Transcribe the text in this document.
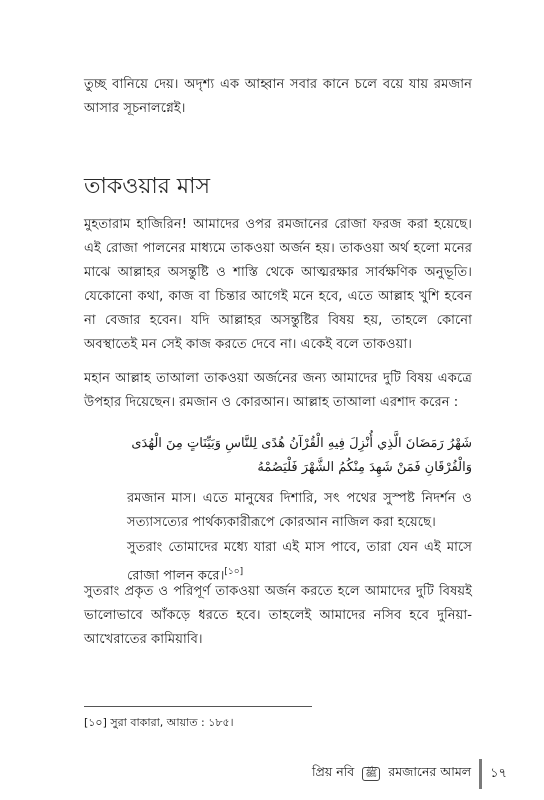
তুচ্ছ বানিয়ে দেয়। অদৃশ্য এক আহ্বান সবার কানে চলে বয়ে যায় রমজান আসার সূচনালগ্নেই।

তাকওয়ার মাস

মুহতারাম হাজিরিন! আমাদের ওপর রমজানের রোজা ফরজ করা হয়েছে। এই রোজা পালনের মাধ্যমে তাকওয়া অর্জন হয়। তাকওয়া অর্থ হলো মনের মাঝে আল্লাহর অসন্তুষ্টি ও শাস্তি থেকে আত্মরক্ষার সার্বক্ষণিক অনুভূতি। যেকোনো কথা, কাজ বা চিন্তার আগেই মনে হবে, এতে আল্লাহ খুশি হবেন না বেজার হবেন। যদি আল্লাহর অসন্তুষ্টির বিষয় হয়, তাহলে কোনো অবস্থাতেই মন সেই কাজ করতে দেবে না। একেই বলে তাকওয়া।

মহান আল্লাহ তাআলা তাকওয়া অর্জনের জন্য আমাদের দুটি বিষয় একত্রে উপহার দিয়েছেন। রমজান ও কোরআন। আল্লাহ তাআলা এরশাদ করেন :

شَهْرُ رَمَضَانَ الَّذِي أُنْزِلَ فِيهِ الْقُرْآنُ هُدًى لِلنَّاسِ وَبَيِّنَاتٍ مِنَ الْهُدَى وَالْفُرْقَانِ فَمَنْ شَهِدَ مِنْكُمُ الشَّهْرَ فَلْيَصُمْهُ

রমজান মাস। এতে মানুষের দিশারি, সৎ পথের সুস্পষ্ট নিদর্শন ও সত্যাসত্যের পার্থক্যকারীরূপে কোরআন নাজিল করা হয়েছে।

সুতরাং তোমাদের মধ্যে যারা এই মাস পাবে, তারা যেন এই মাসে রোজা পালন করে।[১০]

সুতরাং প্রকৃত ও পরিপূর্ণ তাকওয়া অর্জন করতে হলে আমাদের দুটি বিষয়ই ভালোভাবে আঁকড়ে ধরতে হবে। তাহলেই আমাদের নসিব হবে দুনিয়া-আখেরাতের কামিয়াবি।

[১০] সুরা বাকারা, আয়াত : ১৮৫।

প্রিয় নবি	ﷺ রমজানের আমল ১৭
